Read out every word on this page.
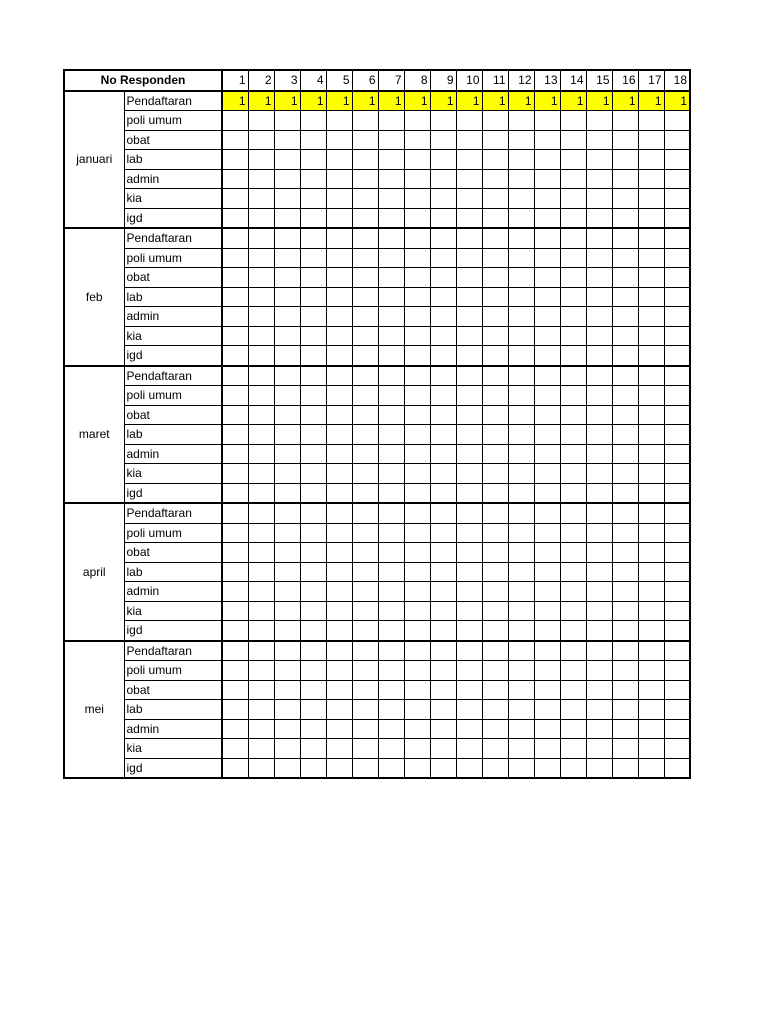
No Responden		1	2	3	4	5	6	7	8	9	10	11	12	13	14	15	16	17	18
januari	Pendaftaran	1	1	1	1	1	1	1	1	1	1	1	1	1	1	1	1	1	1
	poli umum																		
	obat																		
	lab																		
	admin																		
	kia																		
	igd																		
feb	Pendaftaran																		
	poli umum																		
	obat																		
	lab																		
	admin																		
	kia																		
	igd																		
maret	Pendaftaran																		
	poli umum																		
	obat																		
	lab																		
	admin																		
	kia																		
	igd																		
april	Pendaftaran																		
	poli umum																		
	obat																		
	lab																		
	admin																		
	kia																		
	igd																		
mei	Pendaftaran																		
	poli umum																		
	obat																		
	lab																		
	admin																		
	kia																		
	igd																		
